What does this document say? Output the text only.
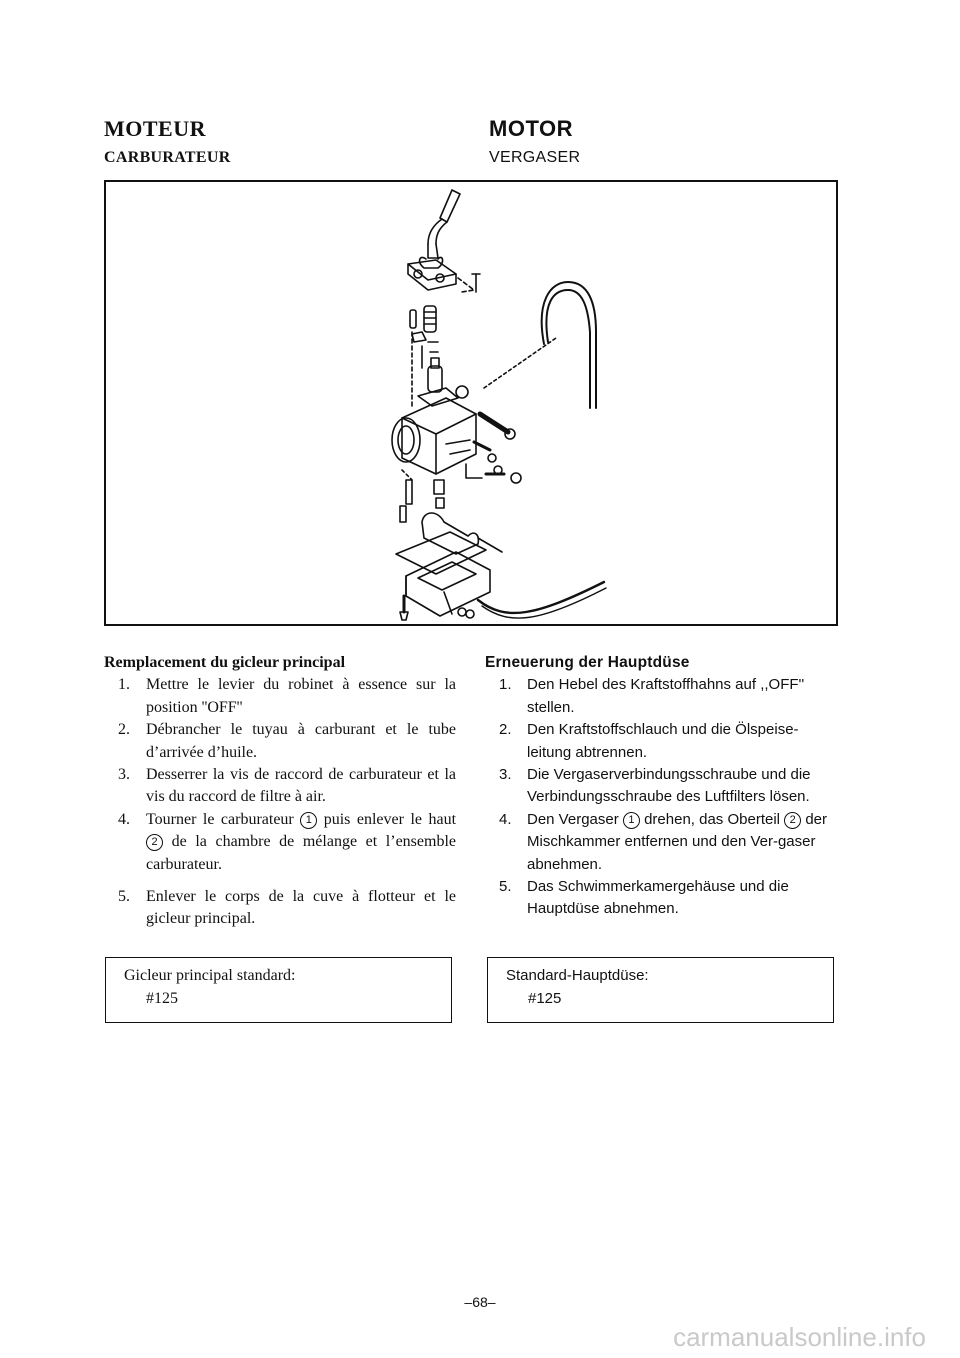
MOTEUR
CARBURATEUR
MOTOR
VERGASER
Remplacement du gicleur principal
1. Mettre le levier du robinet à essence sur la position ''OFF''
2. Débrancher le tuyau à carburant et le tube d’arrivée d’huile.
3. Desserrer la vis de raccord de carburateur et la vis du raccord de filtre à air.
4. Tourner le carburateur 1 puis enlever le haut 2 de la chambre de mélange et l’ensemble carburateur.
5. Enlever le corps de la cuve à flotteur et le gicleur principal.
Erneuerung der Hauptdüse
1. Den Hebel des Kraftstoffhahns auf ,,OFF'' stellen.
2. Den Kraftstoffschlauch und die Ölspeise-leitung abtrennen.
3. Die Vergaserverbindungsschraube und die Verbindungsschraube des Luftfilters lösen.
4. Den Vergaser 1 drehen, das Oberteil 2 der Mischkammer entfernen und den Ver-gaser abnehmen.
5. Das Schwimmerkamergehäuse und die Hauptdüse abnehmen.
Gicleur principal standard:
#125
Standard-Hauptdüse:
#125
–68–
carmanualsonline.info
